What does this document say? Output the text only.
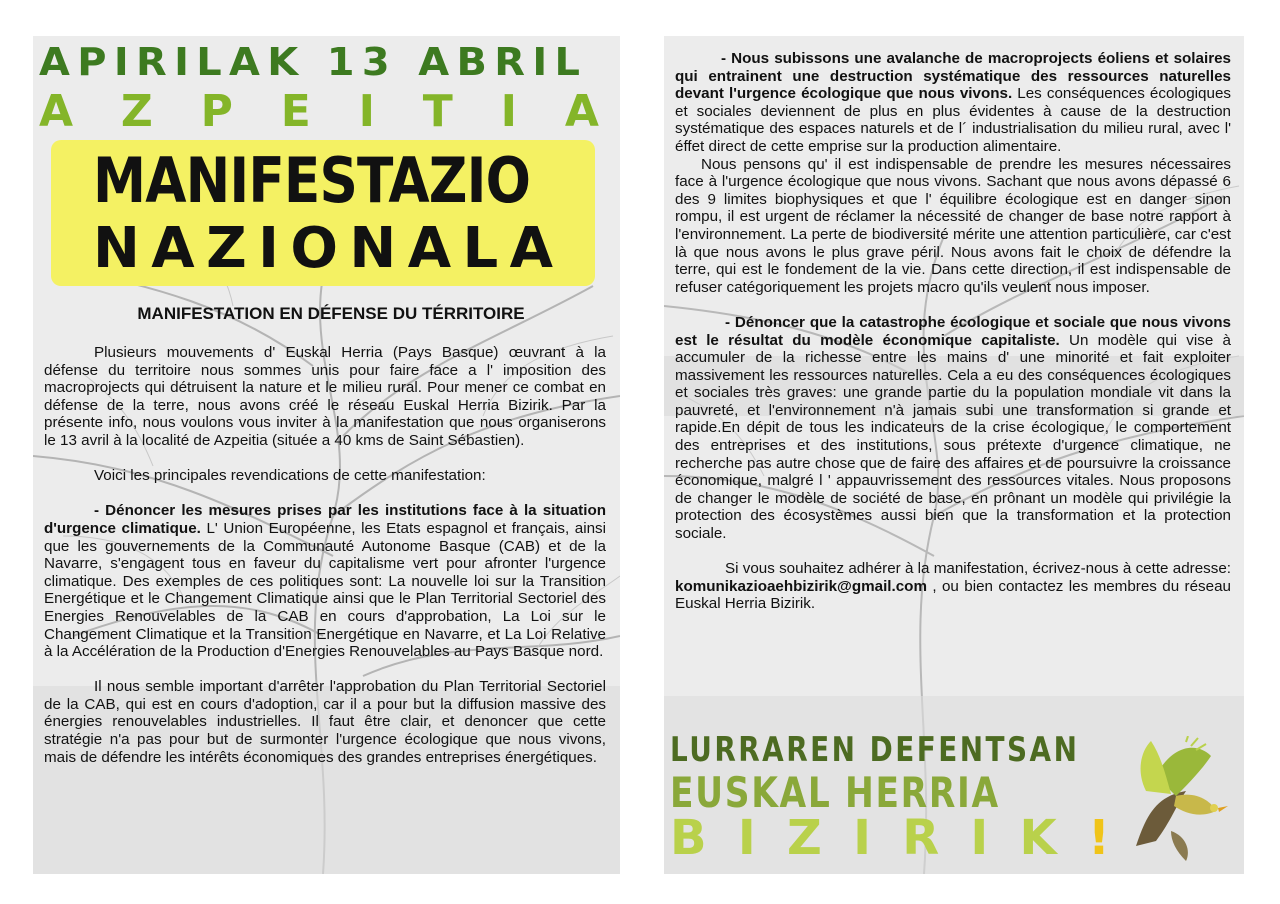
APIRILAK 13 ABRIL
A Z P E I T I A
MANIFESTAZIO
N A Z I O N A L A
MANIFESTATION EN DÉFENSE DU TÉRRITOIRE

Plusieurs mouvements d' Euskal Herria (Pays Basque) œuvrant à la défense du territoire nous sommes unis pour faire face a l' imposition des macroprojects qui détruisent la nature et le milieu rural. Pour mener ce combat en défense de la terre, nous avons créé le réseau Euskal Herria Bizirik. Par la présente info, nous voulons vous inviter à la manifestation que nous organiserons le 13 avril à la localité de Azpeitia (située a 40 kms de Saint Sébastien).

Voici les principales revendications de cette manifestation:

- Dénoncer les mesures prises par les institutions face à la situation d'urgence climatique. L' Union Européenne, les Etats espagnol et français, ainsi que les gouvernements de la Communauté Autonome Basque (CAB) et de la Navarre, s'engagent tous en faveur du capitalisme vert pour afronter l'urgence climatique. Des exemples de ces politiques sont: La nouvelle loi sur la Transition Energétique et le Changement Climatique ainsi que le Plan Territorial Sectoriel des Energies Renouvelables de la CAB en cours d'approbation, La Loi sur le Changement Climatique et la Transition Energétique en Navarre, et La Loi Relative à la Accélération de la Production d'Energies Renouvelables au Pays Basque nord.

Il nous semble important d'arrêter l'approbation du Plan Territorial Sectoriel de la CAB, qui est en cours d'adoption, car il a pour but la diffusion massive des énergies renouvelables industrielles. Il faut être clair, et denoncer que cette stratégie n'a pas pour but de surmonter l'urgence écologique que nous vivons, mais de défendre les intérêts économiques des grandes entreprises énergétiques.

- Nous subissons une avalanche de macroprojects éoliens et solaires qui entrainent une destruction systématique des ressources naturelles devant l'urgence écologique que nous vivons. Les conséquences écologiques et sociales deviennent de plus en plus évidentes à cause de la destruction systématique des espaces naturels et de l´ industrialisation du milieu rural, avec l' éffet direct de cette emprise sur la production alimentaire.

Nous pensons qu' il est indispensable de prendre les mesures nécessaires face à l'urgence écologique que nous vivons. Sachant que nous avons dépassé 6 des 9 limites biophysiques et que l' équilibre écologique est en danger sinon rompu, il est urgent de réclamer la nécessité de changer de base notre rapport à l'environnement. La perte de biodiversité mérite une attention particulière, car c'est là que nous avons le plus grave péril. Nous avons fait le choix de défendre la terre, qui est le fondement de la vie. Dans cette direction, il est indispensable de refuser catégoriquement les projets macro qu'ils veulent nous imposer.

- Dénoncer que la catastrophe écologique et sociale que nous vivons est le résultat du modèle économique capitaliste. Un modèle qui vise à accumuler de la richesse entre les mains d' une minorité et fait exploiter massivement les ressources naturelles. Cela a eu des conséquences écologiques et sociales très graves: une grande partie du la population mondiale vit dans la pauvreté, et l'environnement n'à jamais subi une transformation si grande et rapide.En dépit de tous les indicateurs de la crise écologique, le comportement des entreprises et des institutions, sous prétexte d'urgence climatique, ne recherche pas autre chose que de faire des affaires et de poursuivre la croissance économique, malgré l ' appauvrissement des ressources vitales. Nous proposons de changer le modèle de société de base, en prônant un modèle qui privilégie la protection des écosystèmes aussi bien que la transformation et la protection sociale.

Si vous souhaitez adhérer à la manifestation, écrivez-nous à cette adresse: komunikazioaehbizirik@gmail.com , ou bien contactez les membres du réseau Euskal Herria Bizirik.

LURRAREN DEFENTSAN
EUSKAL HERRIA
B I Z I R I K !
